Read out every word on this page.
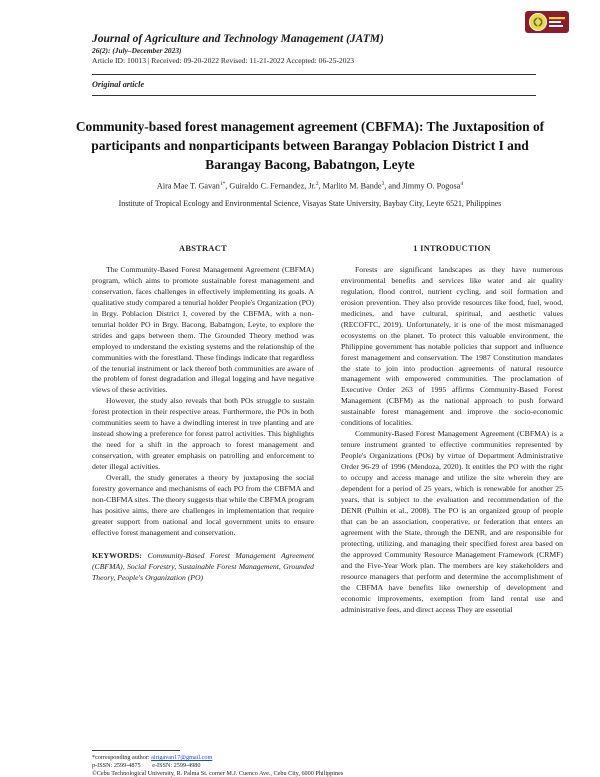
Journal of Agriculture and Technology Management (JATM)
26(2): (July–December 2023)
Article ID: 10013 | Received: 09-20-2022 Revised: 11-21-2022 Accepted: 06-25-2023
Original article
Community-based forest management agreement (CBFMA): The Juxtaposition of participants and nonparticipants between Barangay Poblacion District I and Barangay Bacong, Babatngon, Leyte
Aira Mae T. Gavan$^{1*}$, Guiraldo C. Fernandez, Jr.$^2$, Marlito M. Bande$^3$, and Jimmy O. Pogosa$^4$
Institute of Tropical Ecology and Environmental Science, Visayas State University, Baybay City, Leyte 6521, Philippines
ABSTRACT

The Community-Based Forest Management Agreement (CBFMA) program, which aims to promote sustainable forest management and conservation, faces challenges in effectively implementing its goals. A qualitative study compared a tenurial holder People's Organization (PO) in Brgy. Poblacion District I, covered by the CBFMA, with a non-tenurial holder PO in Brgy. Bacong, Babatngon, Leyte, to explore the strides and gaps between them. The Grounded Theory method was employed to understand the existing systems and the relationship of the communities with the forestland. These findings indicate that regardless of the tenurial instrument or lack thereof both communities are aware of the problem of forest degradation and illegal logging and have negative views of these activities.

However, the study also reveals that both POs struggle to sustain forest protection in their respective areas. Furthermore, the POs in both communities seem to have a dwindling interest in tree planting and are instead showing a preference for forest patrol activities. This highlights the need for a shift in the approach to forest management and conservation, with greater emphasis on patrolling and enforcement to deter illegal activities.

Overall, the study generates a theory by juxtaposing the social forestry governance and mechanisms of each PO from the CBFMA and non-CBFMA sites. The theory suggests that while the CBFMA program has positive aims, there are challenges in implementation that require greater support from national and local government units to ensure effective forest management and conservation.

KEYWORDS: Community-Based Forest Management Agreement (CBFMA), Social Forestry, Sustainable Forest Management, Grounded Theory, People's Organization (PO)
1 INTRODUCTION

Forests are significant landscapes as they have numerous environmental benefits and services like water and air quality regulation, flood control, nutrient cycling, and soil formation and erosion prevention. They also provide resources like food, fuel, wood, medicines, and have cultural, spiritual, and aesthetic values (RECOFTC, 2019). Unfortunately, it is one of the most mismanaged ecosystems on the planet. To protect this valuable environment, the Philippine government has notable policies that support and influence forest management and conservation. The 1987 Constitution mandates the state to join into production agreements of natural resource management with empowered communities. The proclamation of Executive Order 263 of 1995 affirms Community-Based Forest Management (CBFM) as the national approach to push forward sustainable forest management and improve the socio-economic conditions of localities.

Community-Based Forest Management Agreement (CBFMA) is a tenure instrument granted to effective communities represented by People's Organizations (POs) by virtue of Department Administrative Order 96-29 of 1996 (Mendoza, 2020). It entitles the PO with the right to occupy and access manage and utilize the site wherein they are dependent for a period of 25 years, which is renewable for another 25 years, that is subject to the evaluation and recommendation of the DENR (Pulhin et al., 2008). The PO is an organized group of people that can be an association, cooperative, or federation that enters an agreement with the State, through the DENR, and are responsible for protecting, utilizing, and managing their specified forest area based on the approved Community Resource Management Framework (CRMF) and the Five-Year Work plan. The members are key stakeholders and resource managers that perform and determine the accomplishment of the CBFMA have benefits like ownership of development and economic improvements, exemption from land rental use and administrative fees, and direct access They are essential

*corresponding author: airigavan17@gmail.com
p-ISSN: 2599-4875 e-ISSN: 2599-4980
©Cebu Technological University, R. Palma St. corner M.J. Cuenco Ave., Cebu City, 6000 Philippines
